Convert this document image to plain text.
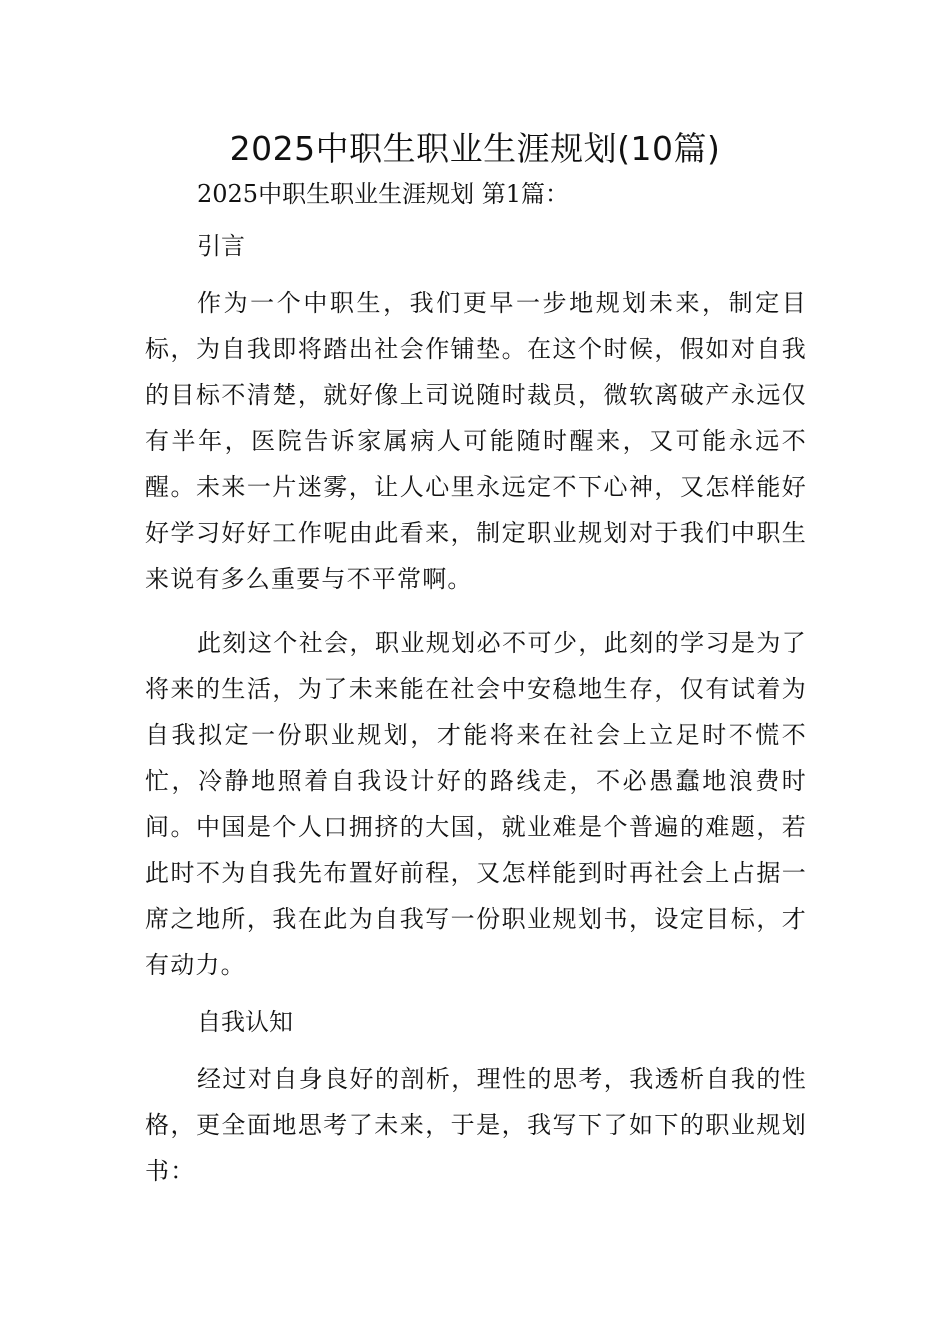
2025中职生职业生涯规划(10篇)
2025中职生职业生涯规划 第1篇：
引言

作为一个中职生，我们更早一步地规划未来，制定目标，为自我即将踏出社会作铺垫。在这个时候，假如对自我的目标不清楚，就好像上司说随时裁员，微软离破产永远仅有半年，医院告诉家属病人可能随时醒来，又可能永远不醒。未来一片迷雾，让人心里永远定不下心神，又怎样能好好学习好好工作呢由此看来，制定职业规划对于我们中职生来说有多么重要与不平常啊。

此刻这个社会，职业规划必不可少，此刻的学习是为了将来的生活，为了未来能在社会中安稳地生存，仅有试着为自我拟定一份职业规划，才能将来在社会上立足时不慌不忙，冷静地照着自我设计好的路线走，不必愚蠢地浪费时间。中国是个人口拥挤的大国，就业难是个普遍的难题，若此时不为自我先布置好前程，又怎样能到时再社会上占据一席之地所，我在此为自我写一份职业规划书，设定目标，才有动力。

自我认知

经过对自身良好的剖析，理性的思考，我透析自我的性格，更全面地思考了未来，于是，我写下了如下的职业规划书：
